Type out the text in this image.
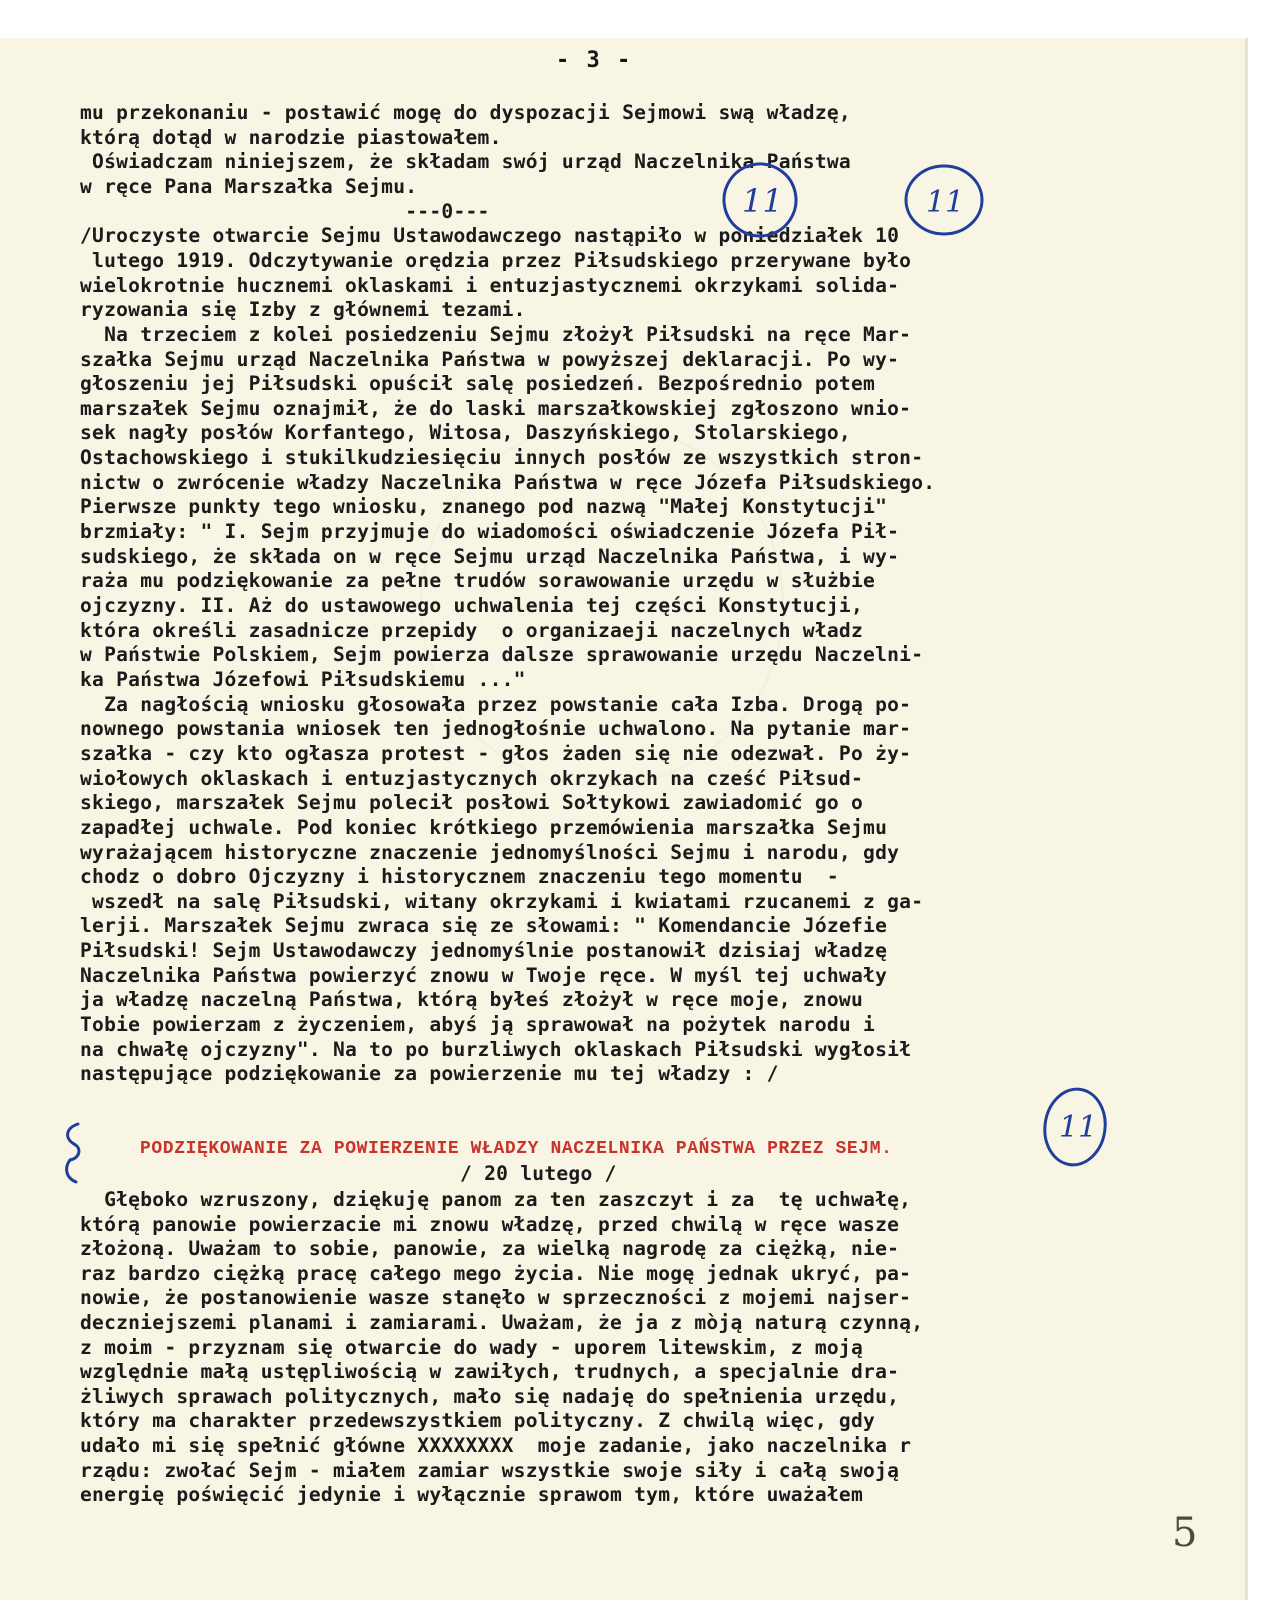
- 3 -
mu przekonaniu - postawić mogę do dyspozacji Sejmowi swą władzę,
którą dotąd w narodzie piastowałem.
Oświadczam niniejszem, że składam swój urząd Naczelnika Państwa
w ręce Pana Marszałka Sejmu.
---0---
/Uroczyste otwarcie Sejmu Ustawodawczego nastąpiło w poniedziałek 10
lutego 1919. Odczytywanie orędzia przez Piłsudskiego przerywane było
wielokrotnie hucznemi oklaskami i entuzjastycznemi okrzykami solida-
ryzowania się Izby z głównemi tezami.
Na trzeciem z kolei posiedzeniu Sejmu złożył Piłsudski na ręce Mar-
szałka Sejmu urząd Naczelnika Państwa w powyższej deklaracji. Po wy-
głoszeniu jej Piłsudski opuścił salę posiedzeń. Bezpośrednio potem
marszałek Sejmu oznajmił, że do laski marszałkowskiej zgłoszono wnio-
sek nagły posłów Korfantego, Witosa, Daszyńskiego, Stolarskiego,
Ostachowskiego i stukilkudziesięciu innych posłów ze wszystkich stron-
nictw o zwrócenie władzy Naczelnika Państwa w ręce Józefa Piłsudskiego.
Pierwsze punkty tego wniosku, znanego pod nazwą "Małej Konstytucji"
brzmiały: " I. Sejm przyjmuje do wiadomości oświadczenie Józefa Pił-
sudskiego, że składa on w ręce Sejmu urząd Naczelnika Państwa, i wy-
raża mu podziękowanie za pełne trudów sorawowanie urzędu w służbie
ojczyzny. II. Aż do ustawowego uchwalenia tej części Konstytucji,
która określi zasadnicze przepidy  o organizaeji naczelnych władz
w Państwie Polskiem, Sejm powierza dalsze sprawowanie urzędu Naczelni-
ka Państwa Józefowi Piłsudskiemu ..."
Za nagłością wniosku głosowała przez powstanie cała Izba. Drogą po-
nownego powstania wniosek ten jednogłośnie uchwalono. Na pytanie mar-
szałka - czy kto ogłasza protest - głos żaden się nie odezwał. Po ży-
wiołowych oklaskach i entuzjastycznych okrzykach na cześć Piłsud-
skiego, marszałek Sejmu polecił posłowi Sołtykowi zawiadomić go o
zapadłej uchwale. Pod koniec krótkiego przemówienia marszałka Sejmu
wyrażającem historyczne znaczenie jednomyślności Sejmu i narodu, gdy
chodz o dobro Ojczyzny i historycznem znaczeniu tego momentu  -
wszedł na salę Piłsudski, witany okrzykami i kwiatami rzucanemi z ga-
lerji. Marszałek Sejmu zwraca się ze słowami: " Komendancie Józefie
Piłsudski! Sejm Ustawodawczy jednomyślnie postanowił dzisiaj władzę
Naczelnika Państwa powierzyć znowu w Twoje ręce. W myśl tej uchwały
ja władzę naczelną Państwa, którą byłeś złożył w ręce moje, znowu
Tobie powierzam z życzeniem, abyś ją sprawował na pożytek narodu i
na chwałę ojczyzny". Na to po burzliwych oklaskach Piłsudski wygłosił
następujące podziękowanie za powierzenie mu tej władzy : /
PODZIĘKOWANIE ZA POWIERZENIE WŁADZY NACZELNIKA PAŃSTWA PRZEZ SEJM.
/ 20 lutego /
Głęboko wzruszony, dziękuję panom za ten zaszczyt i za  tę uchwałę,
którą panowie powierzacie mi znowu władzę, przed chwilą w ręce wasze
złożoną. Uważam to sobie, panowie, za wielką nagrodę za ciężką, nie-
raz bardzo ciężką pracę całego mego życia. Nie mogę jednak ukryć, pa-
nowie, że postanowienie wasze stanęło w sprzeczności z mojemi najser-
deczniejszemi planami i zamiarami. Uważam, że ja z mòją naturą czynną,
z moim - przyznam się otwarcie do wady - uporem litewskim, z moją
względnie małą ustępliwością w zawiłych, trudnych, a specjalnie dra-
żliwych sprawach politycznych, mało się nadaję do spełnienia urzędu,
który ma charakter przedewszystkiem polityczny. Z chwilą więc, gdy
udało mi się spełnić główne XXXXXXXX  moje zadanie, jako naczelnika r
rządu: zwołać Sejm - miałem zamiar wszystkie swoje siły i całą swoją
energię poświęcić jedynie i wyłącznie sprawom tym, które uważałem
11	11
11
5
